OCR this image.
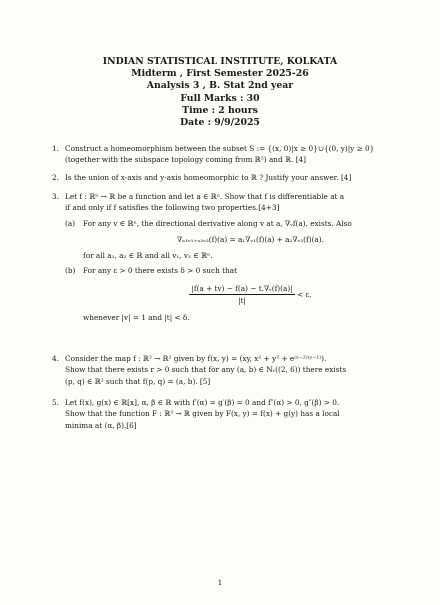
INDIAN STATISTICAL INSTITUTE, KOLKATA
Midterm , First Semester 2025-26
Analysis 3 , B. Stat 2nd year
Full Marks : 30
Time : 2 hours
Date : 9/9/2025
1. Construct a homeomorphism between the subset S := {(x, 0)|x ≥ 0}∪{(0, y)|y ≥ 0}
(together with the subspace topology coming from ℝ²) and ℝ. [4]
2. Is the union of x-axis and y-axis homeomorphic to ℝ ? Justify your answer. [4]
3. Let f : ℝⁿ → ℝ be a function and let a ∈ ℝⁿ. Show that f is differentiable at a
if and only if f satisfies the following two properties.[4+3]
(a) For any v ∈ ℝⁿ, the directional derivative along v at a, ∇ᵥf(a), exists. Also
∇ₐ₁ᵥ₁₊ₐ₂ᵥ₂(f)(a) = a₁∇ᵥ₁(f)(a) + a₂∇ᵥ₂(f)(a).
for all a₁, a₂ ∈ ℝ and all v₁, v₂ ∈ ℝⁿ.
(b) For any ε > 0 there exists δ > 0 such that
$\frac{\text{|f(a + tv) − f(a) − t.∇ᵥ(f)(a)|}}{|t|} < \varepsilon$,
whenever |v| = 1 and |t| < δ.
4. Consider the map f : ℝ² → ℝ² given by f(x, y) = (xy, x² + y² + e⁽ˣ⁻²⁾⁽ʸ⁻¹⁾).
Show that there exists r > 0 such that for any (a, b) ∈ Nᵣ((2, 6)) there exists
(p, q) ∈ ℝ² such that f(p, q) = (a, b). [5]
5. Let f(x), g(x) ∈ ℝ[x], α, β ∈ ℝ with f′(α) = g′(β) = 0 and f″(α) > 0, g″(β) > 0.
Show that the function F : ℝ² → ℝ given by F(x, y) = f(x) + g(y) has a local
minima at (α, β).[6]
1
